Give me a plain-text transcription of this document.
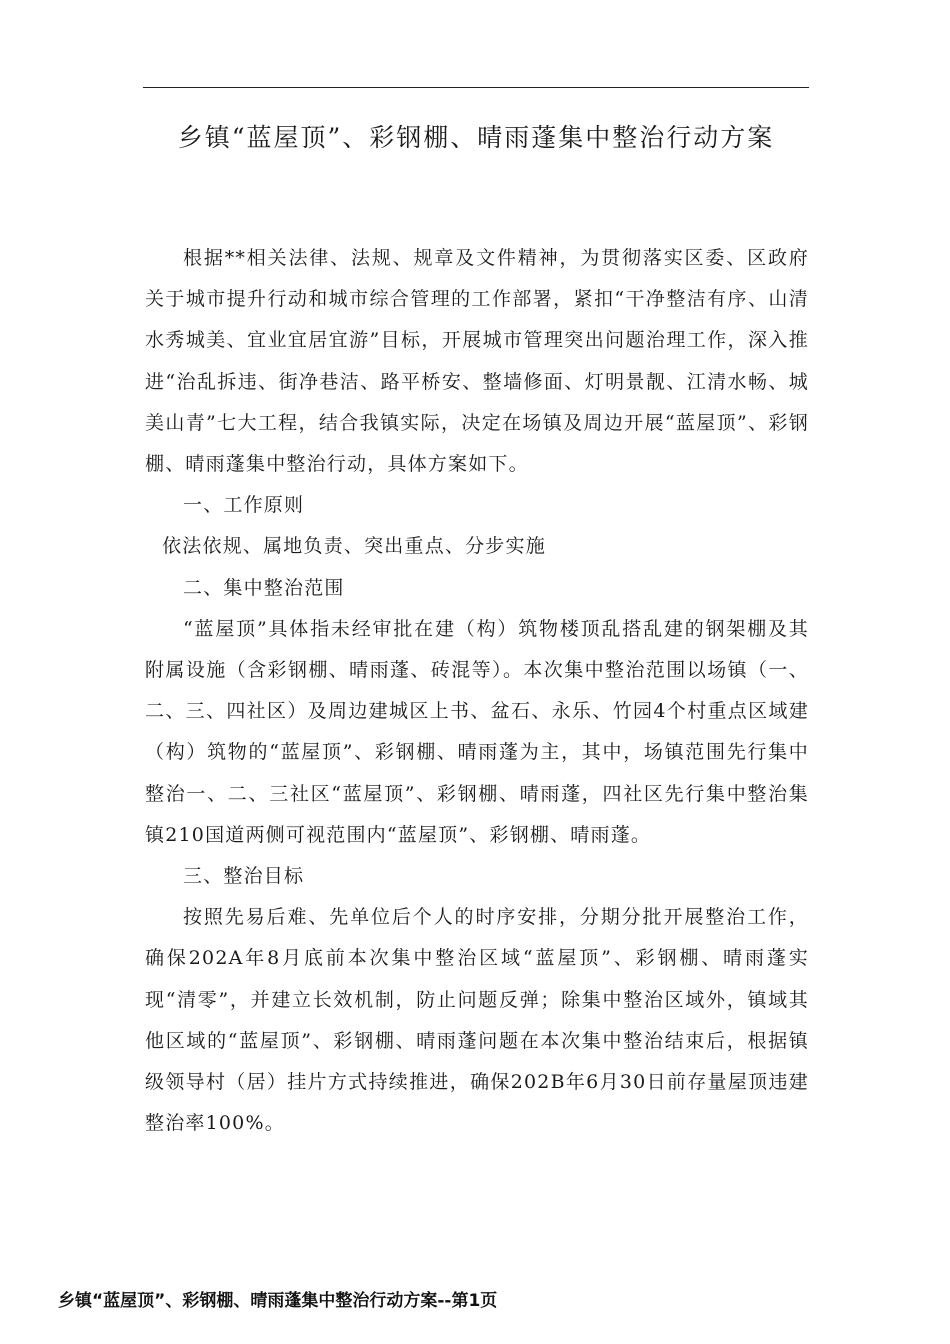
乡镇“蓝屋顶”、彩钢棚、晴雨蓬集中整治行动方案

根据**相关法律、法规、规章及文件精神，为贯彻落实区委、区政府关于城市提升行动和城市综合管理的工作部署，紧扣“干净整洁有序、山清水秀城美、宜业宜居宜游”目标，开展城市管理突出问题治理工作，深入推进“治乱拆违、街净巷洁、路平桥安、整墙修面、灯明景靓、江清水畅、城美山青”七大工程，结合我镇实际，决定在场镇及周边开展“蓝屋顶”、彩钢棚、晴雨蓬集中整治行动，具体方案如下。

一、工作原则

依法依规、属地负责、突出重点、分步实施

二、集中整治范围

“蓝屋顶”具体指未经审批在建（构）筑物楼顶乱搭乱建的钢架棚及其附属设施（含彩钢棚、晴雨蓬、砖混等）。本次集中整治范围以场镇（一、二、三、四社区）及周边建城区上书、盆石、永乐、竹园4个村重点区域建（构）筑物的“蓝屋顶”、彩钢棚、晴雨蓬为主，其中，场镇范围先行集中整治一、二、三社区“蓝屋顶”、彩钢棚、晴雨蓬，四社区先行集中整治集镇210国道两侧可视范围内“蓝屋顶”、彩钢棚、晴雨蓬。

三、整治目标

按照先易后难、先单位后个人的时序安排，分期分批开展整治工作，确保202A年8月底前本次集中整治区域“蓝屋顶”、彩钢棚、晴雨蓬实现“清零”，并建立长效机制，防止问题反弹；除集中整治区域外，镇域其他区域的“蓝屋顶”、彩钢棚、晴雨蓬问题在本次集中整治结束后，根据镇级领导村（居）挂片方式持续推进，确保202B年6月30日前存量屋顶违建整治率100%。

乡镇“蓝屋顶”、彩钢棚、晴雨蓬集中整治行动方案--第1页
